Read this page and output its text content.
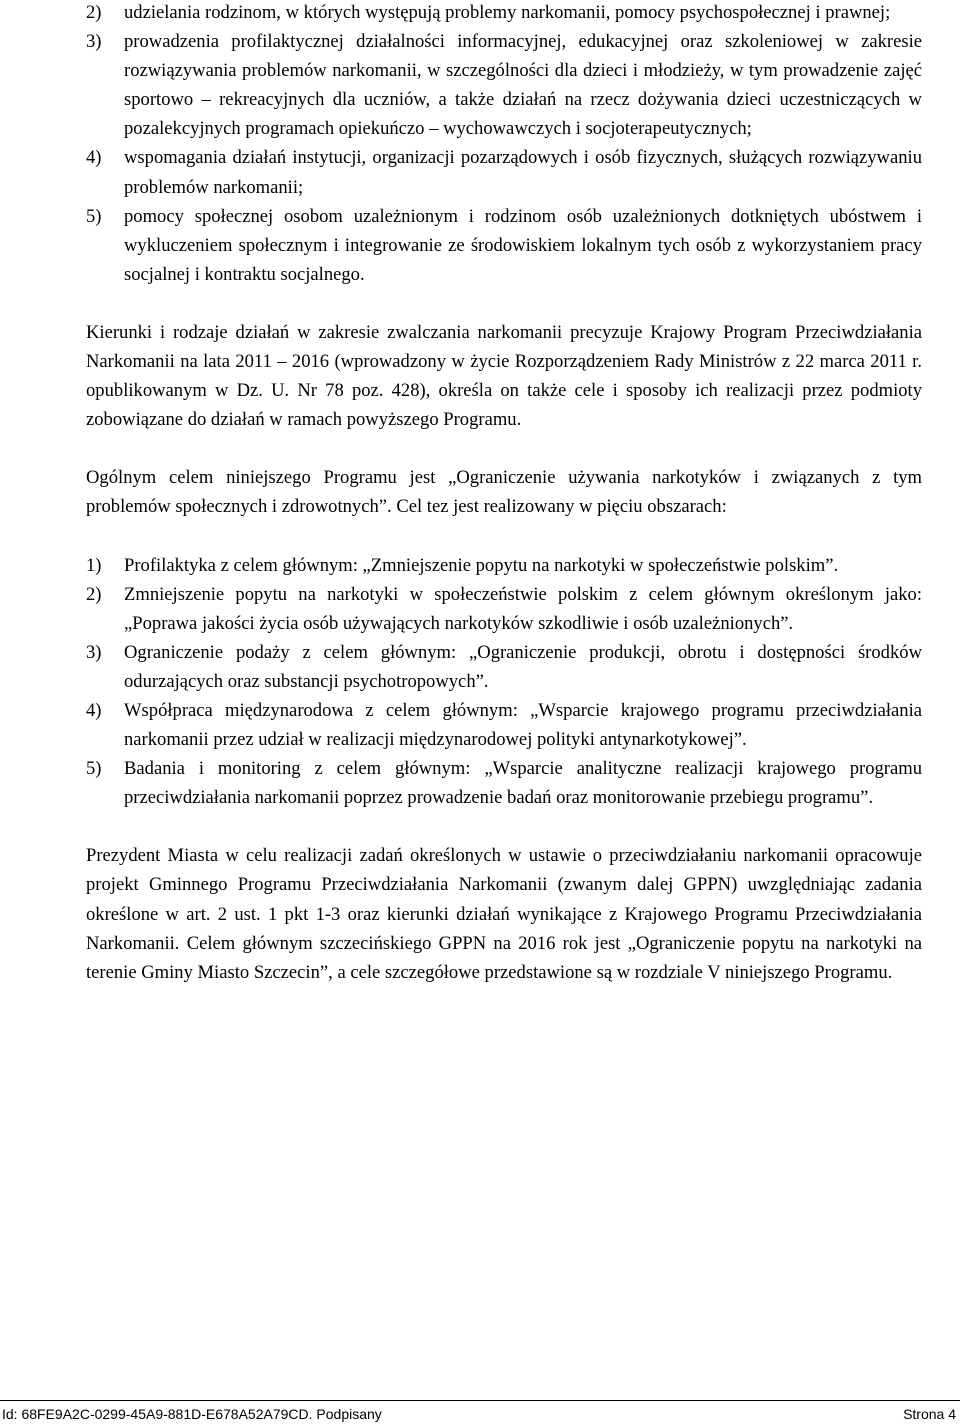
2) udzielania rodzinom, w których występują problemy narkomanii, pomocy psychospołecznej i prawnej;
3) prowadzenia profilaktycznej działalności informacyjnej, edukacyjnej oraz szkoleniowej w zakresie rozwiązywania problemów narkomanii, w szczególności dla dzieci i młodzieży, w tym prowadzenie zajęć sportowo – rekreacyjnych dla uczniów, a także działań na rzecz dożywania dzieci uczestniczących w pozalekcyjnych programach opiekuńczo – wychowawczych i socjoterapeutycznych;
4) wspomagania działań instytucji, organizacji pozarządowych i osób fizycznych, służących rozwiązywaniu problemów narkomanii;
5) pomocy społecznej osobom uzależnionym i rodzinom osób uzależnionych dotkniętych ubóstwem i wykluczeniem społecznym i integrowanie ze środowiskiem lokalnym tych osób z wykorzystaniem pracy socjalnej i kontraktu socjalnego.

Kierunki i rodzaje działań w zakresie zwalczania narkomanii precyzuje Krajowy Program Przeciwdziałania Narkomanii na lata 2011 – 2016 (wprowadzony w życie Rozporządzeniem Rady Ministrów z 22 marca 2011 r. opublikowanym w Dz. U. Nr 78 poz. 428), określa on także cele i sposoby ich realizacji przez podmioty zobowiązane do działań w ramach powyższego Programu.

Ogólnym celem niniejszego Programu jest „Ograniczenie używania narkotyków i związanych z tym problemów społecznych i zdrowotnych”. Cel tez jest realizowany w pięciu obszarach:

1) Profilaktyka z celem głównym: „Zmniejszenie popytu na narkotyki w społeczeństwie polskim”.
2) Zmniejszenie popytu na narkotyki w społeczeństwie polskim z celem głównym określonym jako: „Poprawa jakości życia osób używających narkotyków szkodliwie i osób uzależnionych”.
3) Ograniczenie podaży z celem głównym: „Ograniczenie produkcji, obrotu i dostępności środków odurzających oraz substancji psychotropowych”.
4) Współpraca międzynarodowa z celem głównym: „Wsparcie krajowego programu przeciwdziałania narkomanii przez udział w realizacji międzynarodowej polityki antynarkotykowej”.
5) Badania i monitoring z celem głównym: „Wsparcie analityczne realizacji krajowego programu przeciwdziałania narkomanii poprzez prowadzenie badań oraz monitorowanie przebiegu programu”.

Prezydent Miasta w celu realizacji zadań określonych w ustawie o przeciwdziałaniu narkomanii opracowuje projekt Gminnego Programu Przeciwdziałania Narkomanii (zwanym dalej GPPN) uwzględniając zadania określone w art. 2 ust. 1 pkt 1-3 oraz kierunki działań wynikające z Krajowego Programu Przeciwdziałania Narkomanii. Celem głównym szczecińskiego GPPN na 2016 rok jest „Ograniczenie popytu na narkotyki na terenie Gminy Miasto Szczecin”, a cele szczegółowe przedstawione są w rozdziale V niniejszego Programu.

Id: 68FE9A2C-0299-45A9-881D-E678A52A79CD. Podpisany	Strona 4
